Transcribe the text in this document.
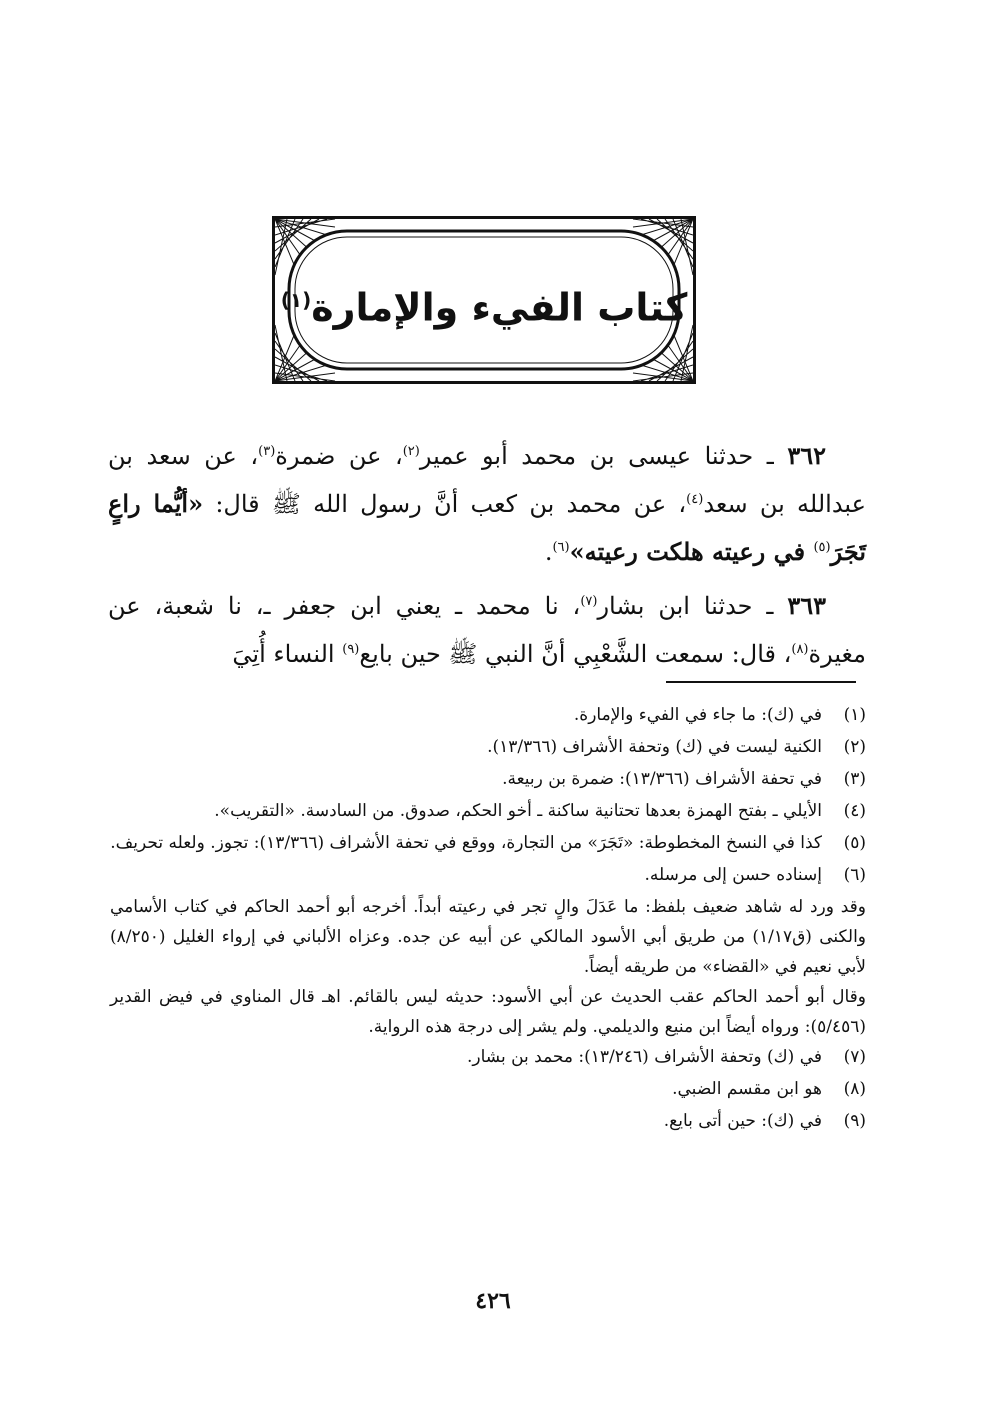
كتاب الفيء والإمارة$^{(١)}$

٣٦٢ ـ حدثنا عيسى بن محمد أبو عمير$^{(٢)}$، عن ضمرة$^{(٣)}$، عن سعد بن عبدالله بن سعد$^{(٤)}$، عن محمد بن كعب أنَّ رسول الله ﷺ قال: «أيُّما راعٍ تَجَرَ$^{(٥)}$ في رعيته هلكت رعيته»$^{(٦)}$.

٣٦٣ ـ حدثنا ابن بشار$^{(٧)}$، نا محمد ـ يعني ابن جعفر ـ، نا شعبة، عن مغيرة$^{(٨)}$، قال: سمعت الشَّعْبِي أنَّ النبي ﷺ حين بايع$^{(٩)}$ النساء أُتِيَ

(١)
في (ك): ما جاء في الفيء والإمارة.
(٢)
الكنية ليست في (ك) وتحفة الأشراف (١٣/٣٦٦).
(٣)
في تحفة الأشراف (١٣/٣٦٦): ضمرة بن ربيعة.
(٤)
الأيلي ـ بفتح الهمزة بعدها تحتانية ساكنة ـ أخو الحكم، صدوق. من السادسة. «التقريب».
(٥)
كذا في النسخ المخطوطة: «تَجَرَ» من التجارة، ووقع في تحفة الأشراف (١٣/٣٦٦): تجوز. ولعله تحريف.
(٦)
إسناده حسن إلى مرسله.
وقد ورد له شاهد ضعيف بلفظ: ما عَدَلَ والٍ تجر في رعيته أبداً. أخرجه أبو أحمد الحاكم في كتاب الأسامي والكنى (ق١/١٧) من طريق أبي الأسود المالكي عن أبيه عن جده. وعزاه الألباني في إرواء الغليل (٨/٢٥٠) لأبي نعيم في «القضاء» من طريقه أيضاً.
وقال أبو أحمد الحاكم عقب الحديث عن أبي الأسود: حديثه ليس بالقائم. اهـ قال المناوي في فيض القدير (٥/٤٥٦): ورواه أيضاً ابن منيع والديلمي. ولم يشر إلى درجة هذه الرواية.
(٧)
في (ك) وتحفة الأشراف (١٣/٢٤٦): محمد بن بشار.
(٨)
هو ابن مقسم الضبي.
(٩)
في (ك): حين أتى بايع.
٤٢٦
